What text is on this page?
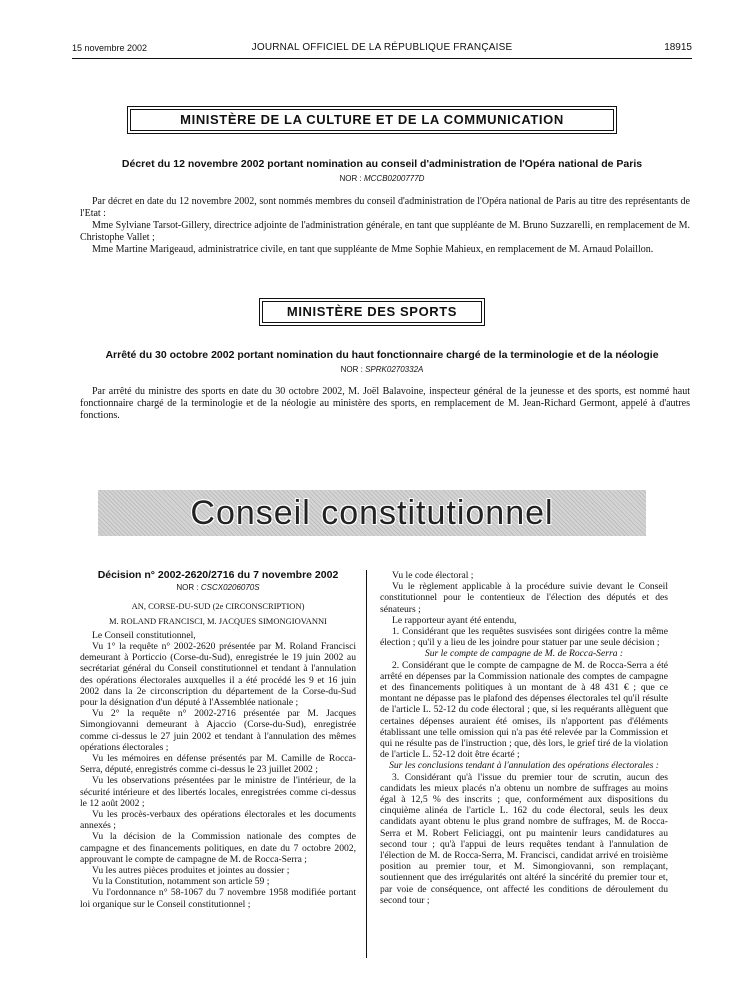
15 novembre 2002	JOURNAL OFFICIEL DE LA RÉPUBLIQUE FRANÇAISE	18915
MINISTÈRE DE LA CULTURE ET DE LA COMMUNICATION
Décret du 12 novembre 2002 portant nomination au conseil d'administration de l'Opéra national de Paris
NOR : MCCB0200777D

Par décret en date du 12 novembre 2002, sont nommés membres du conseil d'administration de l'Opéra national de Paris au titre des représentants de l'Etat :

Mme Sylviane Tarsot-Gillery, directrice adjointe de l'administration générale, en tant que suppléante de M. Bruno Suzzarelli, en remplacement de M. Christophe Vallet ;

Mme Martine Marigeaud, administratrice civile, en tant que suppléante de Mme Sophie Mahieux, en remplacement de M. Arnaud Polaillon.

MINISTÈRE DES SPORTS
Arrêté du 30 octobre 2002 portant nomination du haut fonctionnaire chargé de la terminologie et de la néologie
NOR : SPRK0270332A

Par arrêté du ministre des sports en date du 30 octobre 2002, M. Joël Balavoine, inspecteur général de la jeunesse et des sports, est nommé haut fonctionnaire chargé de la terminologie et de la néologie au ministère des sports, en remplacement de M. Jean-Richard Germont, appelé à d'autres fonctions.

Conseil constitutionnel
Décision n° 2002-2620/2716 du 7 novembre 2002
NOR : CSCX0206070S

AN, CORSE-DU-SUD (2e CIRCONSCRIPTION)

M. ROLAND FRANCISCI, M. JACQUES SIMONGIOVANNI

Le Conseil constitutionnel,

Vu 1° la requête n° 2002-2620 présentée par M. Roland Francisci demeurant à Porticcio (Corse-du-Sud), enregistrée le 19 juin 2002 au secrétariat général du Conseil constitutionnel et tendant à l'annulation des opérations électorales auxquelles il a été procédé les 9 et 16 juin 2002 dans la 2e circonscription du département de la Corse-du-Sud pour la désignation d'un député à l'Assemblée nationale ;

Vu 2° la requête n° 2002-2716 présentée par M. Jacques Simongiovanni demeurant à Ajaccio (Corse-du-Sud), enregistrée comme ci-dessus le 27 juin 2002 et tendant à l'annulation des mêmes opérations électorales ;

Vu les mémoires en défense présentés par M. Camille de Rocca-Serra, député, enregistrés comme ci-dessus le 23 juillet 2002 ;

Vu les observations présentées par le ministre de l'intérieur, de la sécurité intérieure et des libertés locales, enregistrées comme ci-dessus le 12 août 2002 ;

Vu les procès-verbaux des opérations électorales et les documents annexés ;

Vu la décision de la Commission nationale des comptes de campagne et des financements politiques, en date du 7 octobre 2002, approuvant le compte de campagne de M. de Rocca-Serra ;

Vu les autres pièces produites et jointes au dossier ;

Vu la Constitution, notamment son article 59 ;

Vu l'ordonnance n° 58-1067 du 7 novembre 1958 modifiée portant loi organique sur le Conseil constitutionnel ;

Vu le code électoral ;

Vu le règlement applicable à la procédure suivie devant le Conseil constitutionnel pour le contentieux de l'élection des députés et des sénateurs ;

Le rapporteur ayant été entendu,

1. Considérant que les requêtes susvisées sont dirigées contre la même élection ; qu'il y a lieu de les joindre pour statuer par une seule décision ;

Sur le compte de campagne de M. de Rocca-Serra :

2. Considérant que le compte de campagne de M. de Rocca-Serra a été arrêté en dépenses par la Commission nationale des comptes de campagne et des financements politiques à un montant de à 48 431 € ; que ce montant ne dépasse pas le plafond des dépenses électorales tel qu'il résulte de l'article L. 52-12 du code électoral ; que, si les requérants allèguent que certaines dépenses auraient été omises, ils n'apportent pas d'éléments établissant une telle omission qui n'a pas été relevée par la Commission et qui ne résulte pas de l'instruction ; que, dès lors, le grief tiré de la violation de l'article L. 52-12 doit être écarté ;

Sur les conclusions tendant à l'annulation des opérations électorales :

3. Considérant qu'à l'issue du premier tour de scrutin, aucun des candidats les mieux placés n'a obtenu un nombre de suffrages au moins égal à 12,5 % des inscrits ; que, conformément aux dispositions du cinquième alinéa de l'article L. 162 du code électoral, seuls les deux candidats ayant obtenu le plus grand nombre de suffrages, M. de Rocca-Serra et M. Robert Feliciaggi, ont pu maintenir leurs candidatures au second tour ; qu'à l'appui de leurs requêtes tendant à l'annulation de l'élection de M. de Rocca-Serra, M. Francisci, candidat arrivé en troisième position au premier tour, et M. Simongiovanni, son remplaçant, soutiennent que des irrégularités ont altéré la sincérité du premier tour et, par voie de conséquence, ont affecté les conditions de déroulement du second tour ;
